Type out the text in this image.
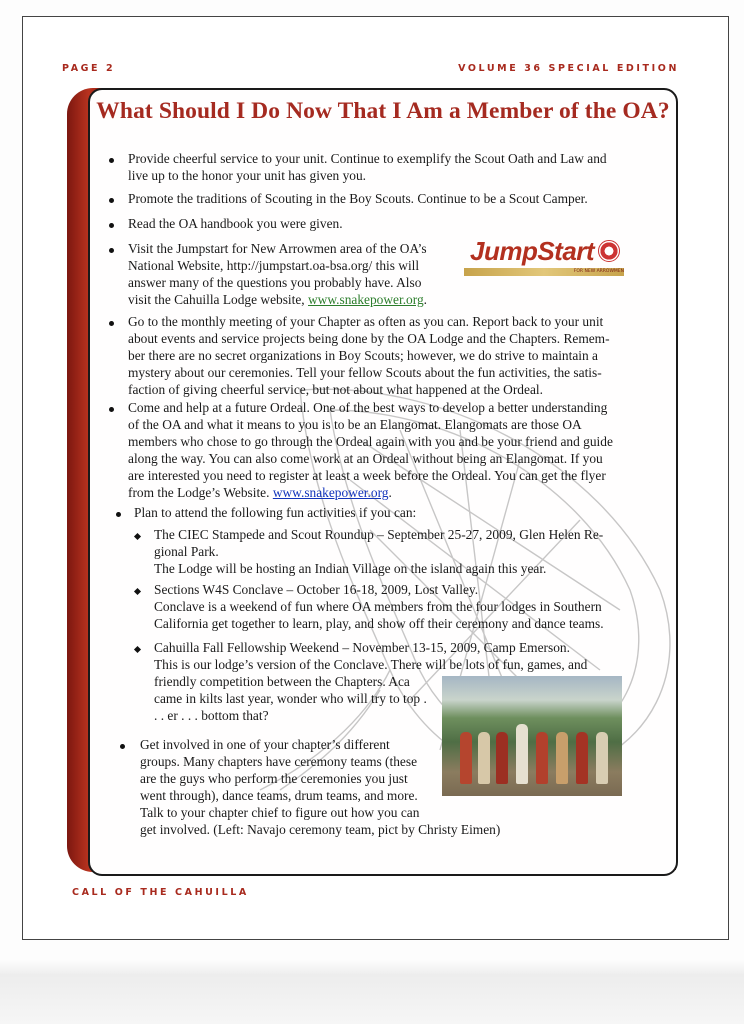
PAGE 2	VOLUME 36 SPECIAL EDITION
What Should I Do Now That I Am a Member of the OA?
Provide cheerful service to your unit. Continue to exemplify the Scout Oath and Law and
live up to the honor your unit has given you.
Promote the traditions of Scouting in the Boy Scouts. Continue to be a Scout Camper.
Read the OA handbook you were given.
Visit the Jumpstart for New Arrowmen area of the OA’s
National Website, http://jumpstart.oa-bsa.org/ this will
answer many of the questions you probably have. Also
visit the Cahuilla Lodge website, www.snakepower.org.
JumpStart
FOR NEW ARROWMEN
Go to the monthly meeting of your Chapter as often as you can. Report back to your unit
about events and service projects being done by the OA Lodge and the Chapters. Remem-
ber there are no secret organizations in Boy Scouts; however, we do strive to maintain a
mystery about our ceremonies. Tell your fellow Scouts about the fun activities, the satis-
faction of giving cheerful service, but not about what happened at the Ordeal.
Come and help at a future Ordeal. One of the best ways to develop a better understanding
of the OA and what it means to you is to be an Elangomat. Elangomats are those OA
members who chose to go through the Ordeal again with you and be your friend and guide
along the way. You can also come work at an Ordeal without being an Elangomat. If you
are interested you need to register at least a week before the Ordeal. You can get the flyer
from the Lodge’s Website. www.snakepower.org.
Plan to attend the following fun activities if you can:
The CIEC Stampede and Scout Roundup – September 25-27, 2009, Glen Helen Re-
gional Park.
The Lodge will be hosting an Indian Village on the island again this year.
Sections W4S Conclave – October 16-18, 2009, Lost Valley.
Conclave is a weekend of fun where OA members from the four lodges in Southern
California get together to learn, play, and show off their ceremony and dance teams.
Cahuilla Fall Fellowship Weekend – November 13-15, 2009, Camp Emerson.
This is our lodge’s version of the Conclave. There will be lots of fun, games, and
friendly competition between the Chapters. Aca
came in kilts last year, wonder who will try to top .
. . er . . . bottom that?
Get involved in one of your chapter’s different
groups. Many chapters have ceremony teams (these
are the guys who perform the ceremonies you just
went through), dance teams, drum teams, and more.
Talk to your chapter chief to figure out how you can
get involved. (Left: Navajo ceremony team, pict by Christy Eimen)
CALL OF THE CAHUILLA
